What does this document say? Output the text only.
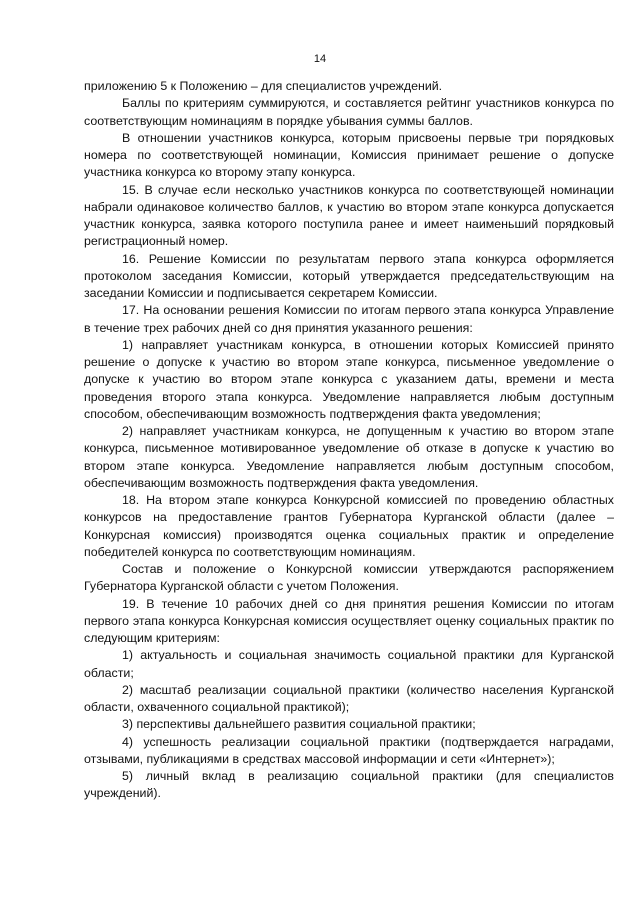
14

приложению 5 к Положению – для специалистов учреждений.

Баллы по критериям суммируются, и составляется рейтинг участников конкурса по соответствующим номинациям в порядке убывания суммы баллов.

В отношении участников конкурса, которым присвоены первые три порядковых номера по соответствующей номинации, Комиссия принимает решение о допуске участника конкурса ко второму этапу конкурса.

15. В случае если несколько участников конкурса по соответствующей номинации набрали одинаковое количество баллов, к участию во втором этапе конкурса допускается участник конкурса, заявка которого поступила ранее и имеет наименьший порядковый регистрационный номер.

16. Решение Комиссии по результатам первого этапа конкурса оформляется протоколом заседания Комиссии, который утверждается председательствующим на заседании Комиссии и подписывается секретарем Комиссии.

17. На основании решения Комиссии по итогам первого этапа конкурса Управление в течение трех рабочих дней со дня принятия указанного решения:

1) направляет участникам конкурса, в отношении которых Комиссией принято решение о допуске к участию во втором этапе конкурса, письменное уведомление о допуске к участию во втором этапе конкурса с указанием даты, времени и места проведения второго этапа конкурса. Уведомление направляется любым доступным способом, обеспечивающим возможность подтверждения факта уведомления;

2) направляет участникам конкурса, не допущенным к участию во втором этапе конкурса, письменное мотивированное уведомление об отказе в допуске к участию во втором этапе конкурса. Уведомление направляется любым доступным способом, обеспечивающим возможность подтверждения факта уведомления.

18. На втором этапе конкурса Конкурсной комиссией по проведению областных конкурсов на предоставление грантов Губернатора Курганской области (далее – Конкурсная комиссия) производятся оценка социальных практик и определение победителей конкурса по соответствующим номинациям.

Состав и положение о Конкурсной комиссии утверждаются распоряжением Губернатора Курганской области с учетом Положения.

19. В течение 10 рабочих дней со дня принятия решения Комиссии по итогам первого этапа конкурса Конкурсная комиссия осуществляет оценку социальных практик по следующим критериям:

1) актуальность и социальная значимость социальной практики для Курганской области;

2) масштаб реализации социальной практики (количество населения Курганской области, охваченного социальной практикой);

3) перспективы дальнейшего развития социальной практики;

4) успешность реализации социальной практики (подтверждается наградами, отзывами, публикациями в средствах массовой информации и сети «Интернет»);

5) личный вклад в реализацию социальной практики (для специалистов учреждений).
